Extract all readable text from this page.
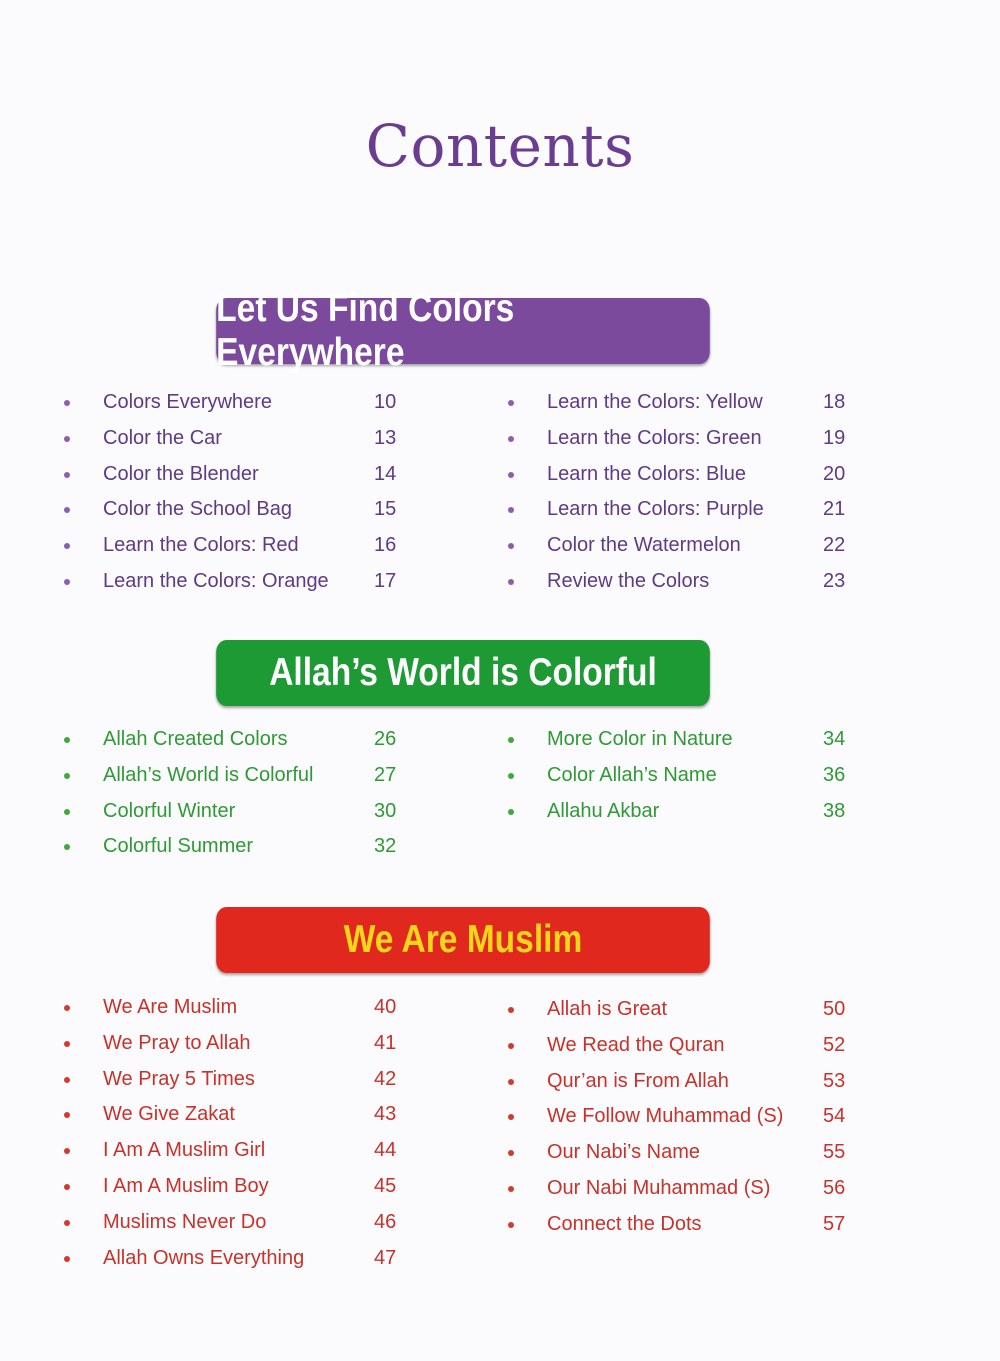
Contents
Let Us Find Colors Everywhere
Colors Everywhere	10
Color the Car	13
Color the Blender	14
Color the School Bag	15
Learn the Colors: Red	16
Learn the Colors: Orange 17
Learn the Colors: Yellow	18
Learn the Colors: Green	19
Learn the Colors: Blue	20
Learn the Colors: Purple	21
Color the Watermelon	22
Review the Colors	23
Allah’s World is Colorful
Allah Created Colors	26
Allah’s World is Colorful	27
Colorful Winter	30
Colorful Summer	32
More Color in Nature	34
Color Allah’s Name	36
Allahu Akbar	38
We Are Muslim
We Are Muslim	40
We Pray to Allah	41
We Pray 5 Times	42
We Give Zakat	43
I Am A Muslim Girl	44
I Am A Muslim Boy	45
Muslims Never Do	46
Allah Owns Everything	47
Allah is Great	50
We Read the Quran	52
Qur’an is From Allah	53
We Follow Muhammad (S) 54
Our Nabi’s Name	55
Our Nabi Muhammad (S)	56
Connect the Dots	57
